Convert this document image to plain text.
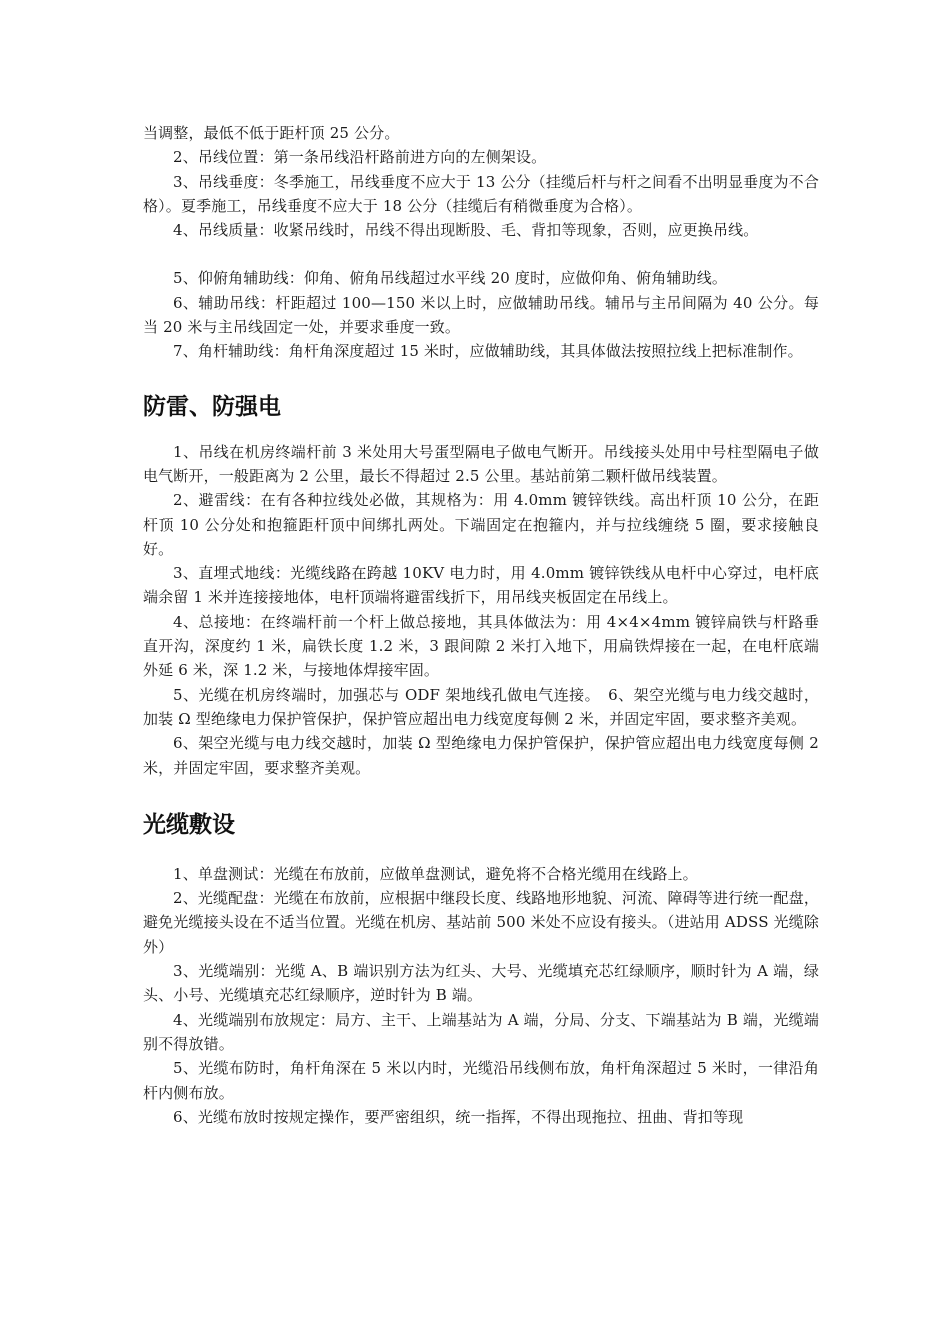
当调整，最低不低于距杆顶 25 公分。

2、吊线位置：第一条吊线沿杆路前进方向的左侧架设。

3、吊线垂度：冬季施工，吊线垂度不应大于 13 公分（挂缆后杆与杆之间看不出明显垂度为不合格）。夏季施工，吊线垂度不应大于 18 公分（挂缆后有稍微垂度为合格）。

4、吊线质量：收紧吊线时，吊线不得出现断股、毛、背扣等现象，否则，应更换吊线。

5、仰俯角辅助线：仰角、俯角吊线超过水平线 20 度时，应做仰角、俯角辅助线。

6、辅助吊线：杆距超过 100—150 米以上时，应做辅助吊线。辅吊与主吊间隔为 40 公分。每当 20 米与主吊线固定一处，并要求垂度一致。

7、角杆辅助线：角杆角深度超过 15 米时，应做辅助线，其具体做法按照拉线上把标准制作。

防雷、防强电

1、吊线在机房终端杆前 3 米处用大号蛋型隔电子做电气断开。吊线接头处用中号柱型隔电子做电气断开，一般距离为 2 公里，最长不得超过 2.5 公里。基站前第二颗杆做吊线装置。

2、避雷线：在有各种拉线处必做，其规格为：用 4.0mm 镀锌铁线。高出杆顶 10 公分，在距杆顶 10 公分处和抱箍距杆顶中间绑扎两处。下端固定在抱箍内，并与拉线缠绕 5 圈，要求接触良好。

3、直埋式地线：光缆线路在跨越 10KV 电力时，用 4.0mm 镀锌铁线从电杆中心穿过，电杆底端余留 1 米并连接接地体，电杆顶端将避雷线折下，用吊线夹板固定在吊线上。

4、总接地：在终端杆前一个杆上做总接地，其具体做法为：用 4×4×4mm 镀锌扁铁与杆路垂直开沟，深度约 1 米，扁铁长度 1.2 米，3 跟间隙 2 米打入地下，用扁铁焊接在一起，在电杆底端外延 6 米，深 1.2 米，与接地体焊接牢固。

5、光缆在机房终端时，加强芯与 ODF 架地线孔做电气连接。　6、架空光缆与电力线交越时，加装 Ω 型绝缘电力保护管保护，保护管应超出电力线宽度每侧 2 米，并固定牢固，要求整齐美观。

6、架空光缆与电力线交越时，加装 Ω 型绝缘电力保护管保护，保护管应超出电力线宽度每侧 2 米，并固定牢固，要求整齐美观。

光缆敷设

1、单盘测试：光缆在布放前，应做单盘测试，避免将不合格光缆用在线路上。

2、光缆配盘：光缆在布放前，应根据中继段长度、线路地形地貌、河流、障碍等进行统一配盘，避免光缆接头设在不适当位置。光缆在机房、基站前 500 米处不应设有接头。（进站用 ADSS 光缆除外）

3、光缆端别：光缆 A、B 端识别方法为红头、大号、光缆填充芯红绿顺序，顺时针为 A 端，绿头、小号、光缆填充芯红绿顺序，逆时针为 B 端。

4、光缆端别布放规定：局方、主干、上端基站为 A 端，分局、分支、下端基站为 B 端，光缆端别不得放错。

5、光缆布防时，角杆角深在 5 米以内时，光缆沿吊线侧布放，角杆角深超过 5 米时，一律沿角杆内侧布放。

6、光缆布放时按规定操作，要严密组织，统一指挥，不得出现拖拉、扭曲、背扣等现
